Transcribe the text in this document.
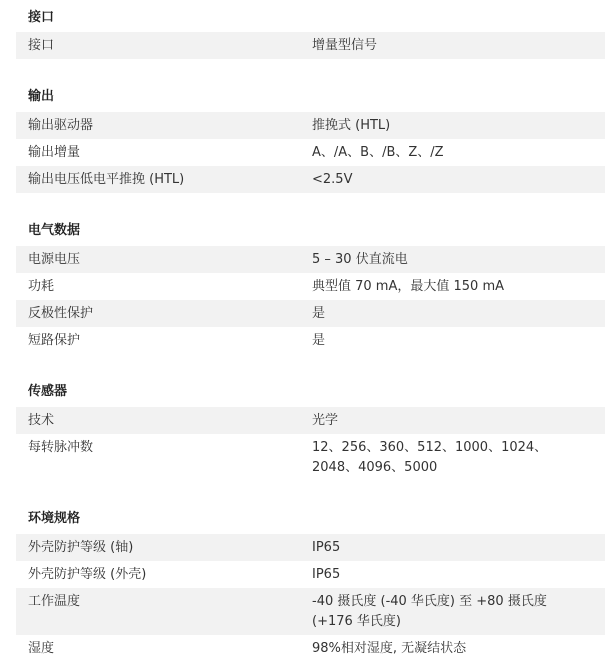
接口
接口	增量型信号
输出
输出驱动器	推挽式 (HTL)
输出增量	A、/A、B、/B、Z、/Z
输出电压低电平推挽 (HTL)	<2.5V
电气数据
电源电压	5 – 30 伏直流电
功耗	典型值 70 mA，最大值 150 mA
反极性保护	是
短路保护	是
传感器
技术	光学
每转脉冲数	12、256、360、512、1000、1024、2048、4096、5000
环境规格
外壳防护等级 (轴)	IP65
外壳防护等级 (外壳)	IP65
工作温度	-40 摄氏度 (-40 华氏度) 至 +80 摄氏度 (+176 华氏度)
湿度	98%相对湿度, 无凝结状态
